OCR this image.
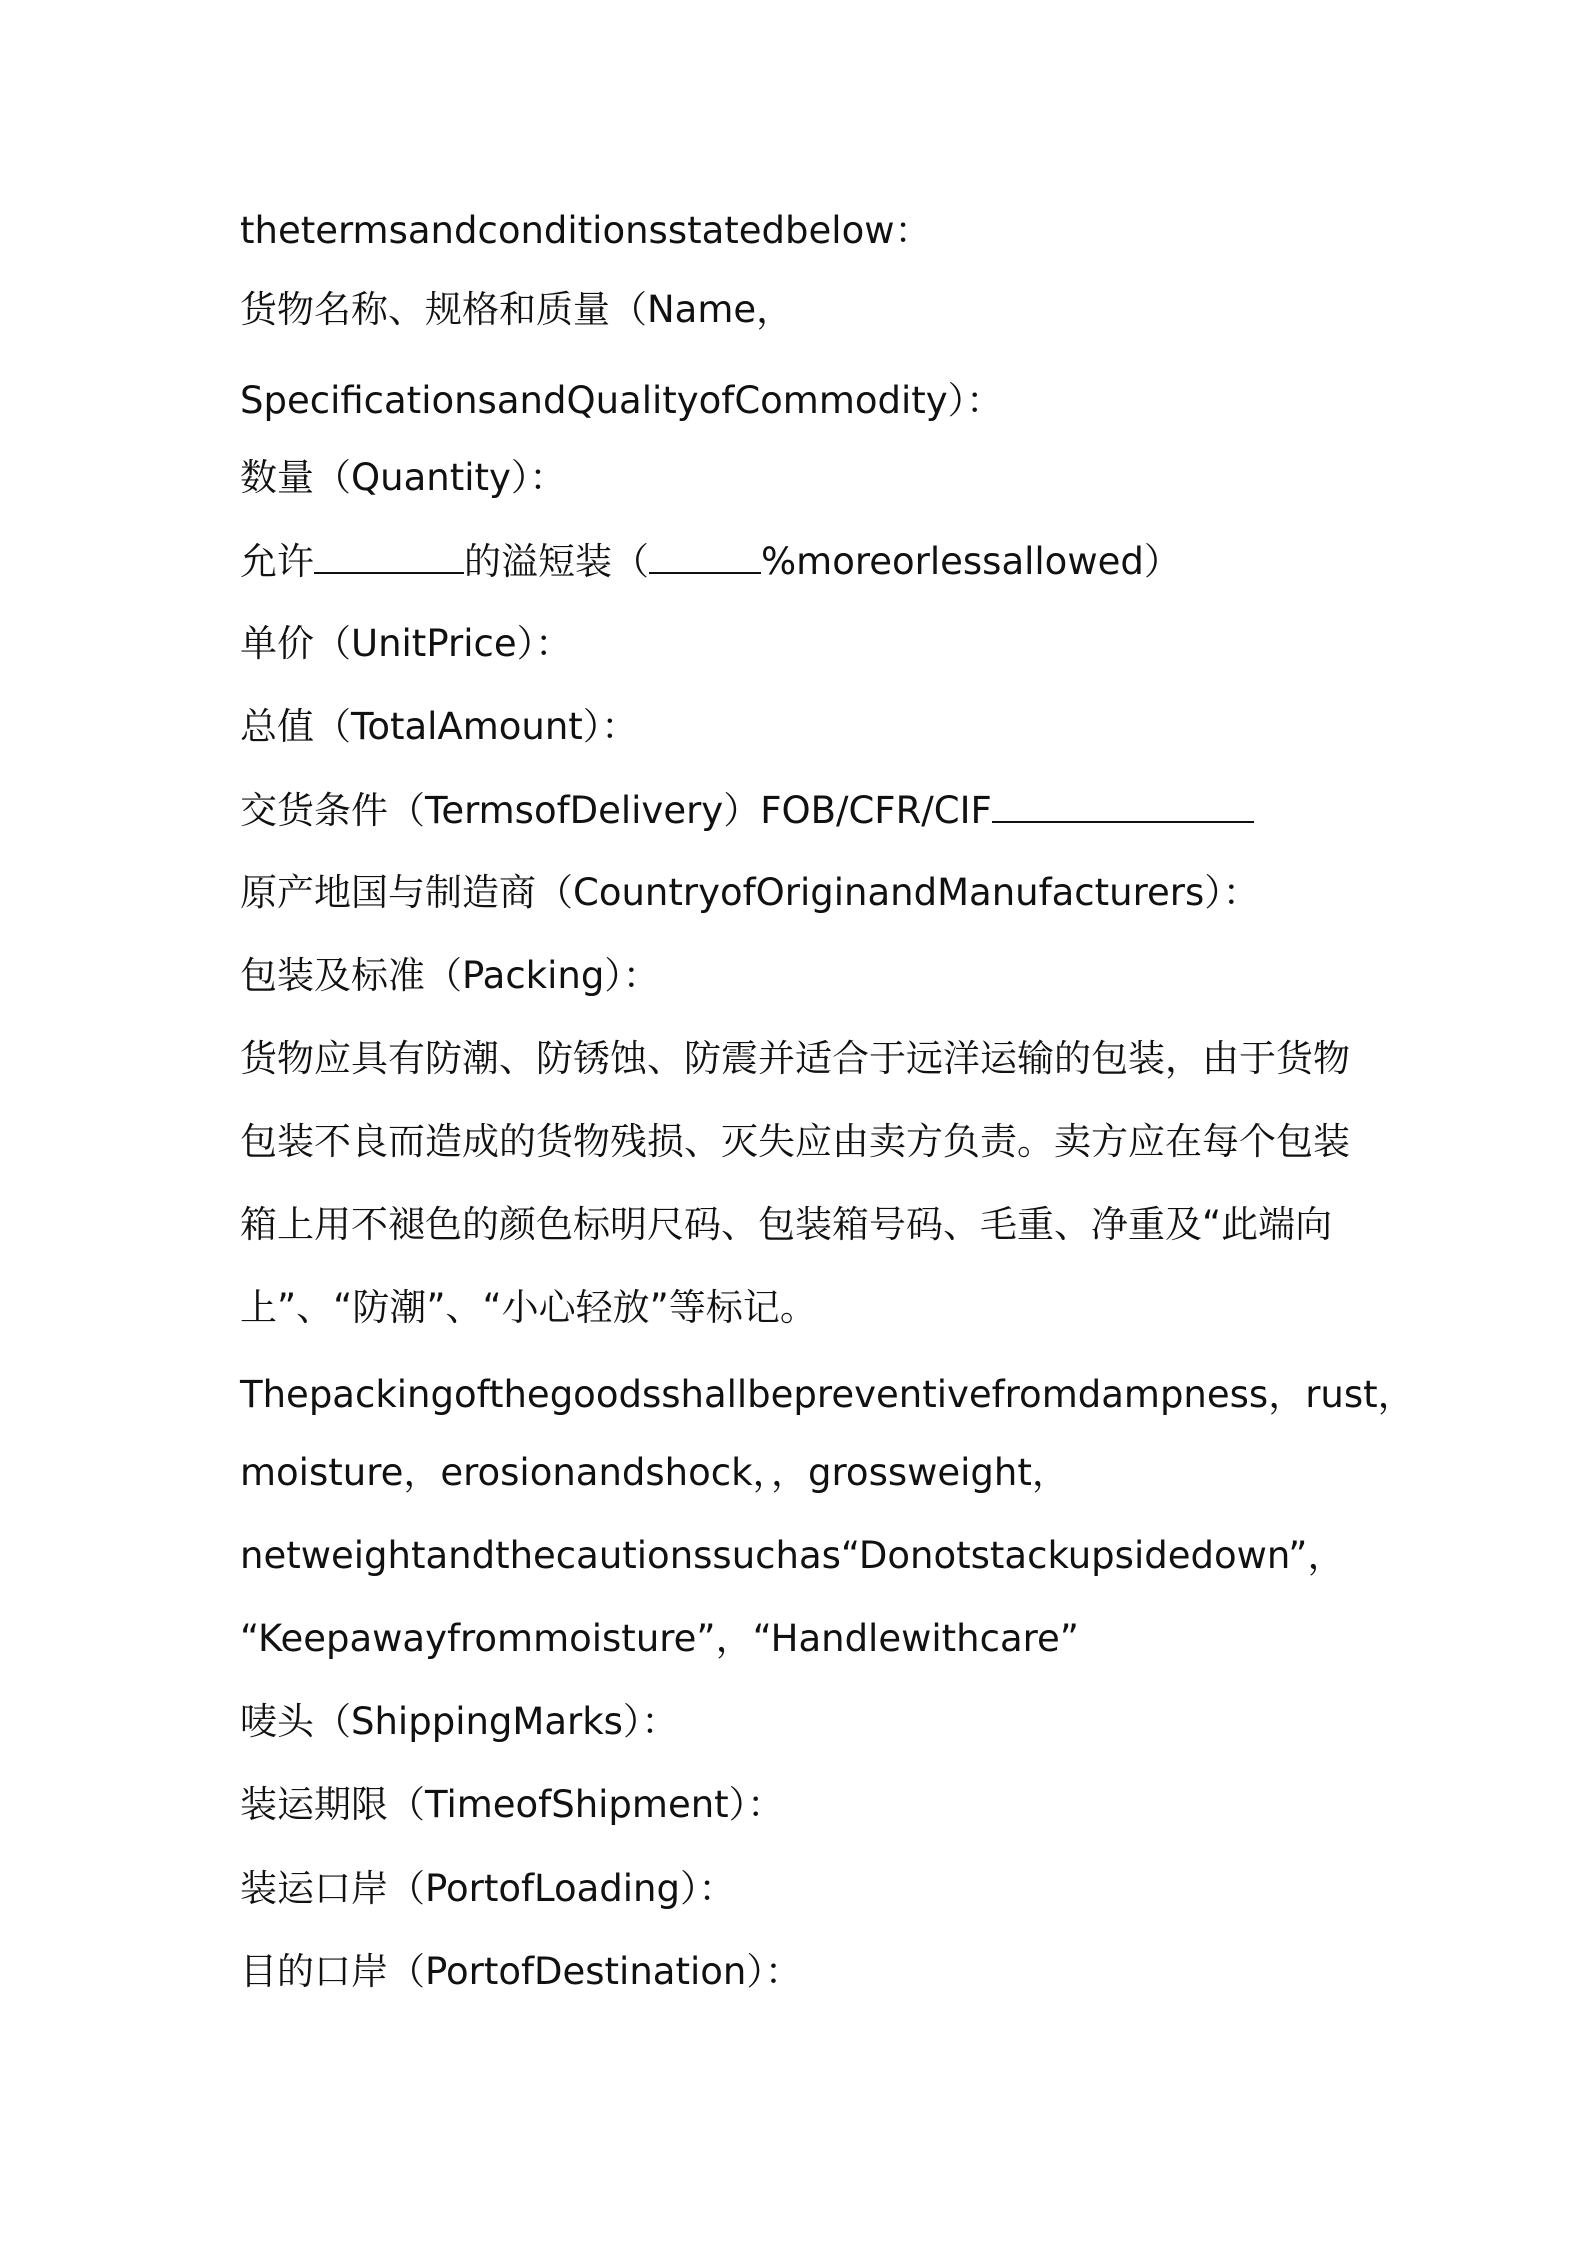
thetermsandconditionsstatedbelow：
货物名称、规格和质量（Name，
SpecificationsandQualityofCommodity）：
数量（Quantity）：
允许	的溢短装（	%moreorlessallowed）
单价（UnitPrice）：
总值（TotalAmount）：
交货条件（TermsofDelivery）FOB/CFR/CIF
原产地国与制造商（CountryofOriginandManufacturers）：
包装及标准（Packing）：
货物应具有防潮、防锈蚀、防震并适合于远洋运输的包装，由于货物
包装不良而造成的货物残损、灭失应由卖方负责。卖方应在每个包装
箱上用不褪色的颜色标明尺码、包装箱号码、毛重、净重及“此端向
上”、“防潮”、“小心轻放”等标记。
Thepackingofthegoodsshallbepreventivefromdampness，rust，
moisture，erosionandshock，，grossweight，
netweightandthecautionssuchas“Donotstackupsidedown”，
“Keepawayfrommoisture”，“Handlewithcare”
唛头（ShippingMarks）：
装运期限（TimeofShipment）：
装运口岸（PortofLoading）：
目的口岸（PortofDestination）：
